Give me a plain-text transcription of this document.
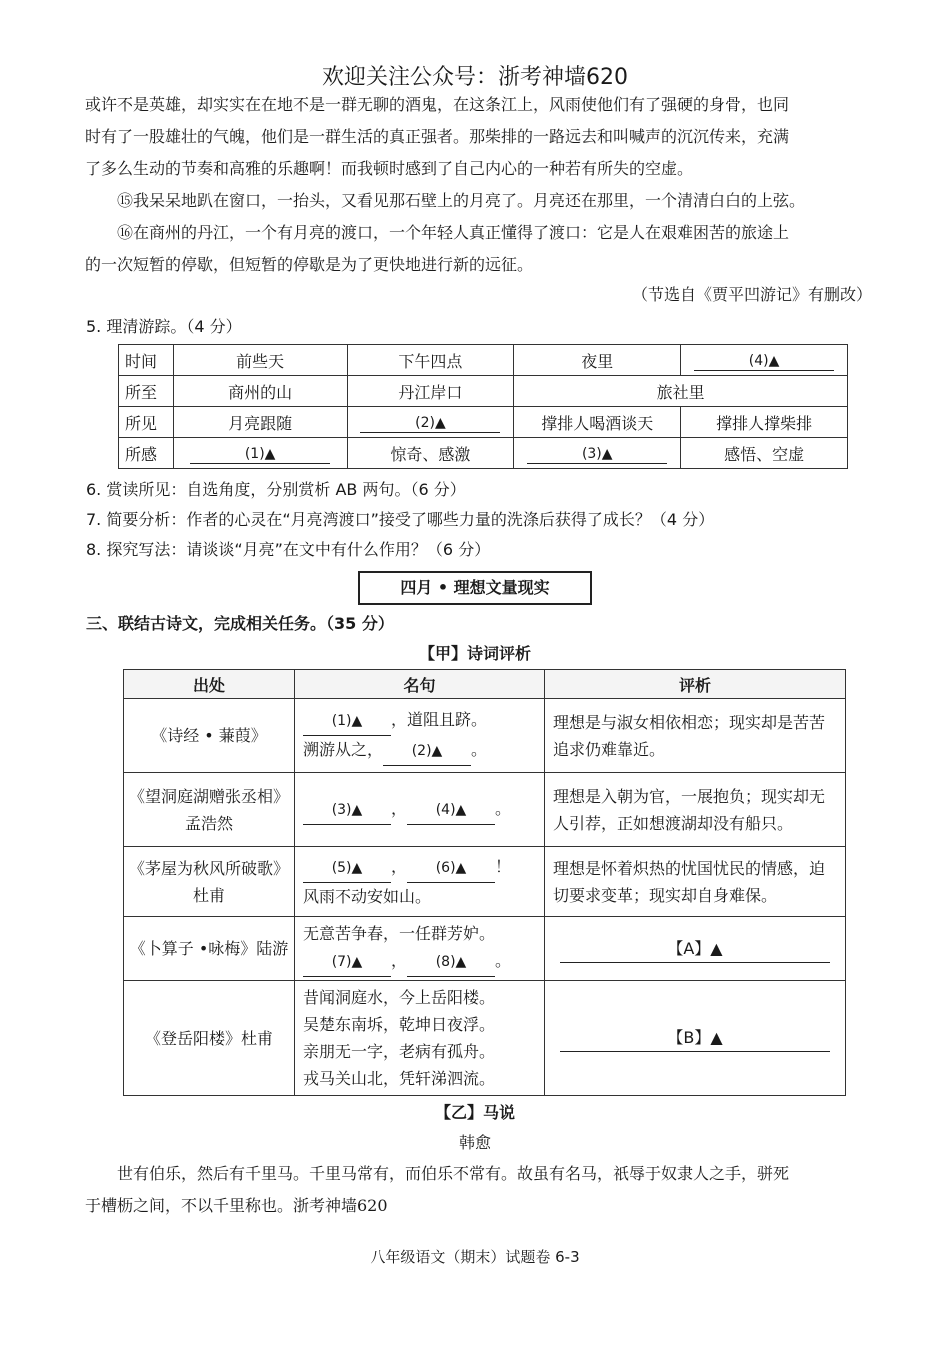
欢迎关注公众号：浙考神墙620
或许不是英雄，却实实在在地不是一群无聊的酒鬼，在这条江上，风雨使他们有了强硬的身骨，也同
时有了一股雄壮的气魄，他们是一群生活的真正强者。那柴排的一路远去和叫喊声的沉沉传来，充满
了多么生动的节奏和高雅的乐趣啊！而我顿时感到了自己内心的一种若有所失的空虚。
⑮我呆呆地趴在窗口，一抬头，又看见那石壁上的月亮了。月亮还在那里，一个清清白白的上弦。
⑯在商州的丹江，一个有月亮的渡口，一个年轻人真正懂得了渡口：它是人在艰难困苦的旅途上
的一次短暂的停歇，但短暂的停歇是为了更快地进行新的远征。
（节选自《贾平凹游记》有删改）
5. 理清游踪。（4 分）
时间	前些天	下午四点	夜里	(4)▲
所至	商州的山	丹江岸口	旅社里	
所见	月亮跟随	(2)▲	撑排人喝酒谈天	撑排人撑柴排
所感	(1)▲	惊奇、感激	(3)▲	感悟、空虚
6. 赏读所见：自选角度，分别赏析 AB 两句。（6 分）
7. 简要分析：作者的心灵在“月亮湾渡口”接受了哪些力量的洗涤后获得了成长？（4 分）
8. 探究写法：请谈谈“月亮”在文中有什么作用？（6 分）
四月 • 理想文量现实
三、联结古诗文，完成相关任务。（35 分）
【甲】诗词评析
出处	名句	评析
《诗经 • 蒹葭》	(1)▲ ，道阻且跻。
溯游从之， (2)▲ 。	理想是与淑女相依相恋；现实却是苦苦追求仍难靠近。
《望洞庭湖赠张丞相》孟浩然	(3)▲ ， (4)▲ 。	理想是入朝为官，一展抱负；现实却无人引荐，正如想渡湖却没有船只。
《茅屋为秋风所破歌》杜甫	(5)▲ ， (6)▲ ！
风雨不动安如山。	理想是怀着炽热的忧国忧民的情感，迫切要求变革；现实却自身难保。
《卜算子 •咏梅》陆游	无意苦争春，一任群芳妒。
(7)▲ ， (8)▲ 。	【A】▲
《登岳阳楼》杜甫	昔闻洞庭水，今上岳阳楼。
吴楚东南坼，乾坤日夜浮。
亲朋无一字，老病有孤舟。
戎马关山北，凭轩涕泗流。	【B】▲
【乙】马说
韩愈
世有伯乐，然后有千里马。千里马常有，而伯乐不常有。故虽有名马，祇辱于奴隶人之手，骈死
于槽枥之间，不以千里称也。浙考神墙620
八年级语文（期末）试题卷 6-3
